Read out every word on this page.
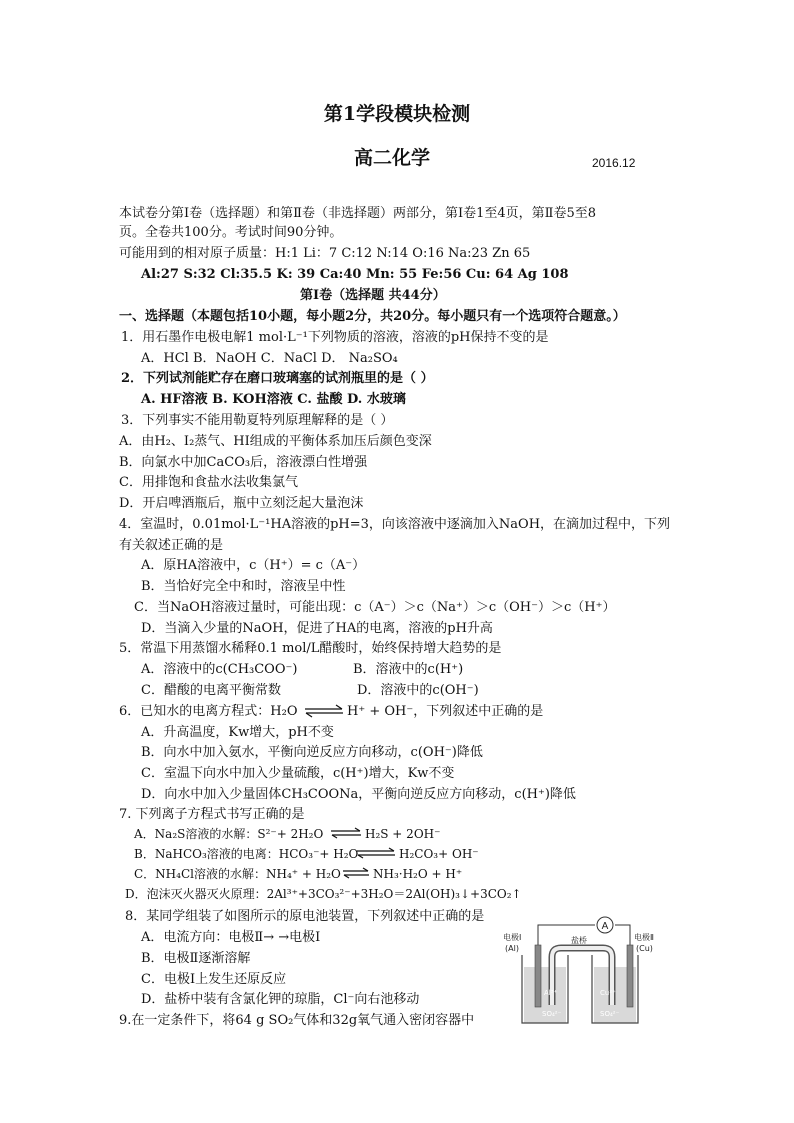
第1学段模块检测
高二化学	2016.12
本试卷分第Ⅰ卷（选择题）和第Ⅱ卷（非选择题）两部分，第Ⅰ卷1至4页，第Ⅱ卷5至8
页。全卷共100分。考试时间90分钟。
可能用到的相对原子质量：H:1 Li：7 C:12 N:14 O:16 Na:23 Zn 65
Al:27 S:32 Cl:35.5 K: 39 Ca:40 Mn: 55 Fe:56 Cu: 64 Ag 108
第Ⅰ卷（选择题 共44分）
一、选择题（本题包括10小题，每小题2分，共20分。每小题只有一个选项符合题意。）
1．用石墨作电极电解1 mol·L⁻¹下列物质的溶液，溶液的pH保持不变的是
A．HCl B．NaOH C．NaCl D． Na₂SO₄
2．下列试剂能贮存在磨口玻璃塞的试剂瓶里的是（ ）
A. HF溶液 B. KOH溶液 C. 盐酸 D. 水玻璃
3．下列事实不能用勒夏特列原理解释的是（ ）
A．由H₂、I₂蒸气、HI组成的平衡体系加压后颜色变深
B．向氯水中加CaCO₃后，溶液漂白性增强
C．用排饱和食盐水法收集氯气
D．开启啤酒瓶后，瓶中立刻泛起大量泡沫
4．室温时，0.01mol·L⁻¹HA溶液的pH=3，向该溶液中逐滴加入NaOH，在滴加过程中，下列
有关叙述正确的是
A．原HA溶液中，c（H⁺）= c（A⁻）
B．当恰好完全中和时，溶液呈中性
C．当NaOH溶液过量时，可能出现：c（A⁻）＞c（Na⁺）＞c（OH⁻）＞c（H⁺）
D．当滴入少量的NaOH，促进了HA的电离，溶液的pH升高
5．常温下用蒸馏水稀释0.1 mol/L醋酸时，始终保持增大趋势的是
A．溶液中的c(CH₃COO⁻)	B．溶液中的c(H⁺)
C．醋酸的电离平衡常数	D．溶液中的c(OH⁻)
6．已知水的电离方程式：H₂O ⇌ H⁺ + OH⁻，下列叙述中正确的是
A．升高温度，Kw增大，pH不变
B．向水中加入氨水，平衡向逆反应方向移动，c(OH⁻)降低
C．室温下向水中加入少量硫酸，c(H⁺)增大，Kw不变
D．向水中加入少量固体CH₃COONa，平衡向逆反应方向移动，c(H⁺)降低
7. 下列离子方程式书写正确的是
A．Na₂S溶液的水解：S²⁻+ 2H₂O ⇌ H₂S + 2OH⁻
B．NaHCO₃溶液的电离：HCO₃⁻+ H₂O ⇌ H₂CO₃+ OH⁻
C．NH₄Cl溶液的水解：NH₄⁺ + H₂O ⇌ NH₃·H₂O + H⁺
D．泡沫灭火器灭火原理：2Al³⁺+3CO₃²⁻+3H₂O＝2Al(OH)₃↓+3CO₂↑
8．某同学组装了如图所示的原电池装置，下列叙述中正确的是
A．电流方向：电极Ⅱ→ →电极Ⅰ
B．电极Ⅱ逐渐溶解
C．电极Ⅰ上发生还原反应
D．盐桥中装有含氯化钾的琼脂，Cl⁻向右池移动
9.在一定条件下，将64 g SO₂气体和32g氧气通入密闭容器中
A
电极Ⅰ
(Al)
盐桥	电极Ⅱ
(Cu)
Al³⁺
SO₄²⁻
Cu²⁺
SO₄²⁻
